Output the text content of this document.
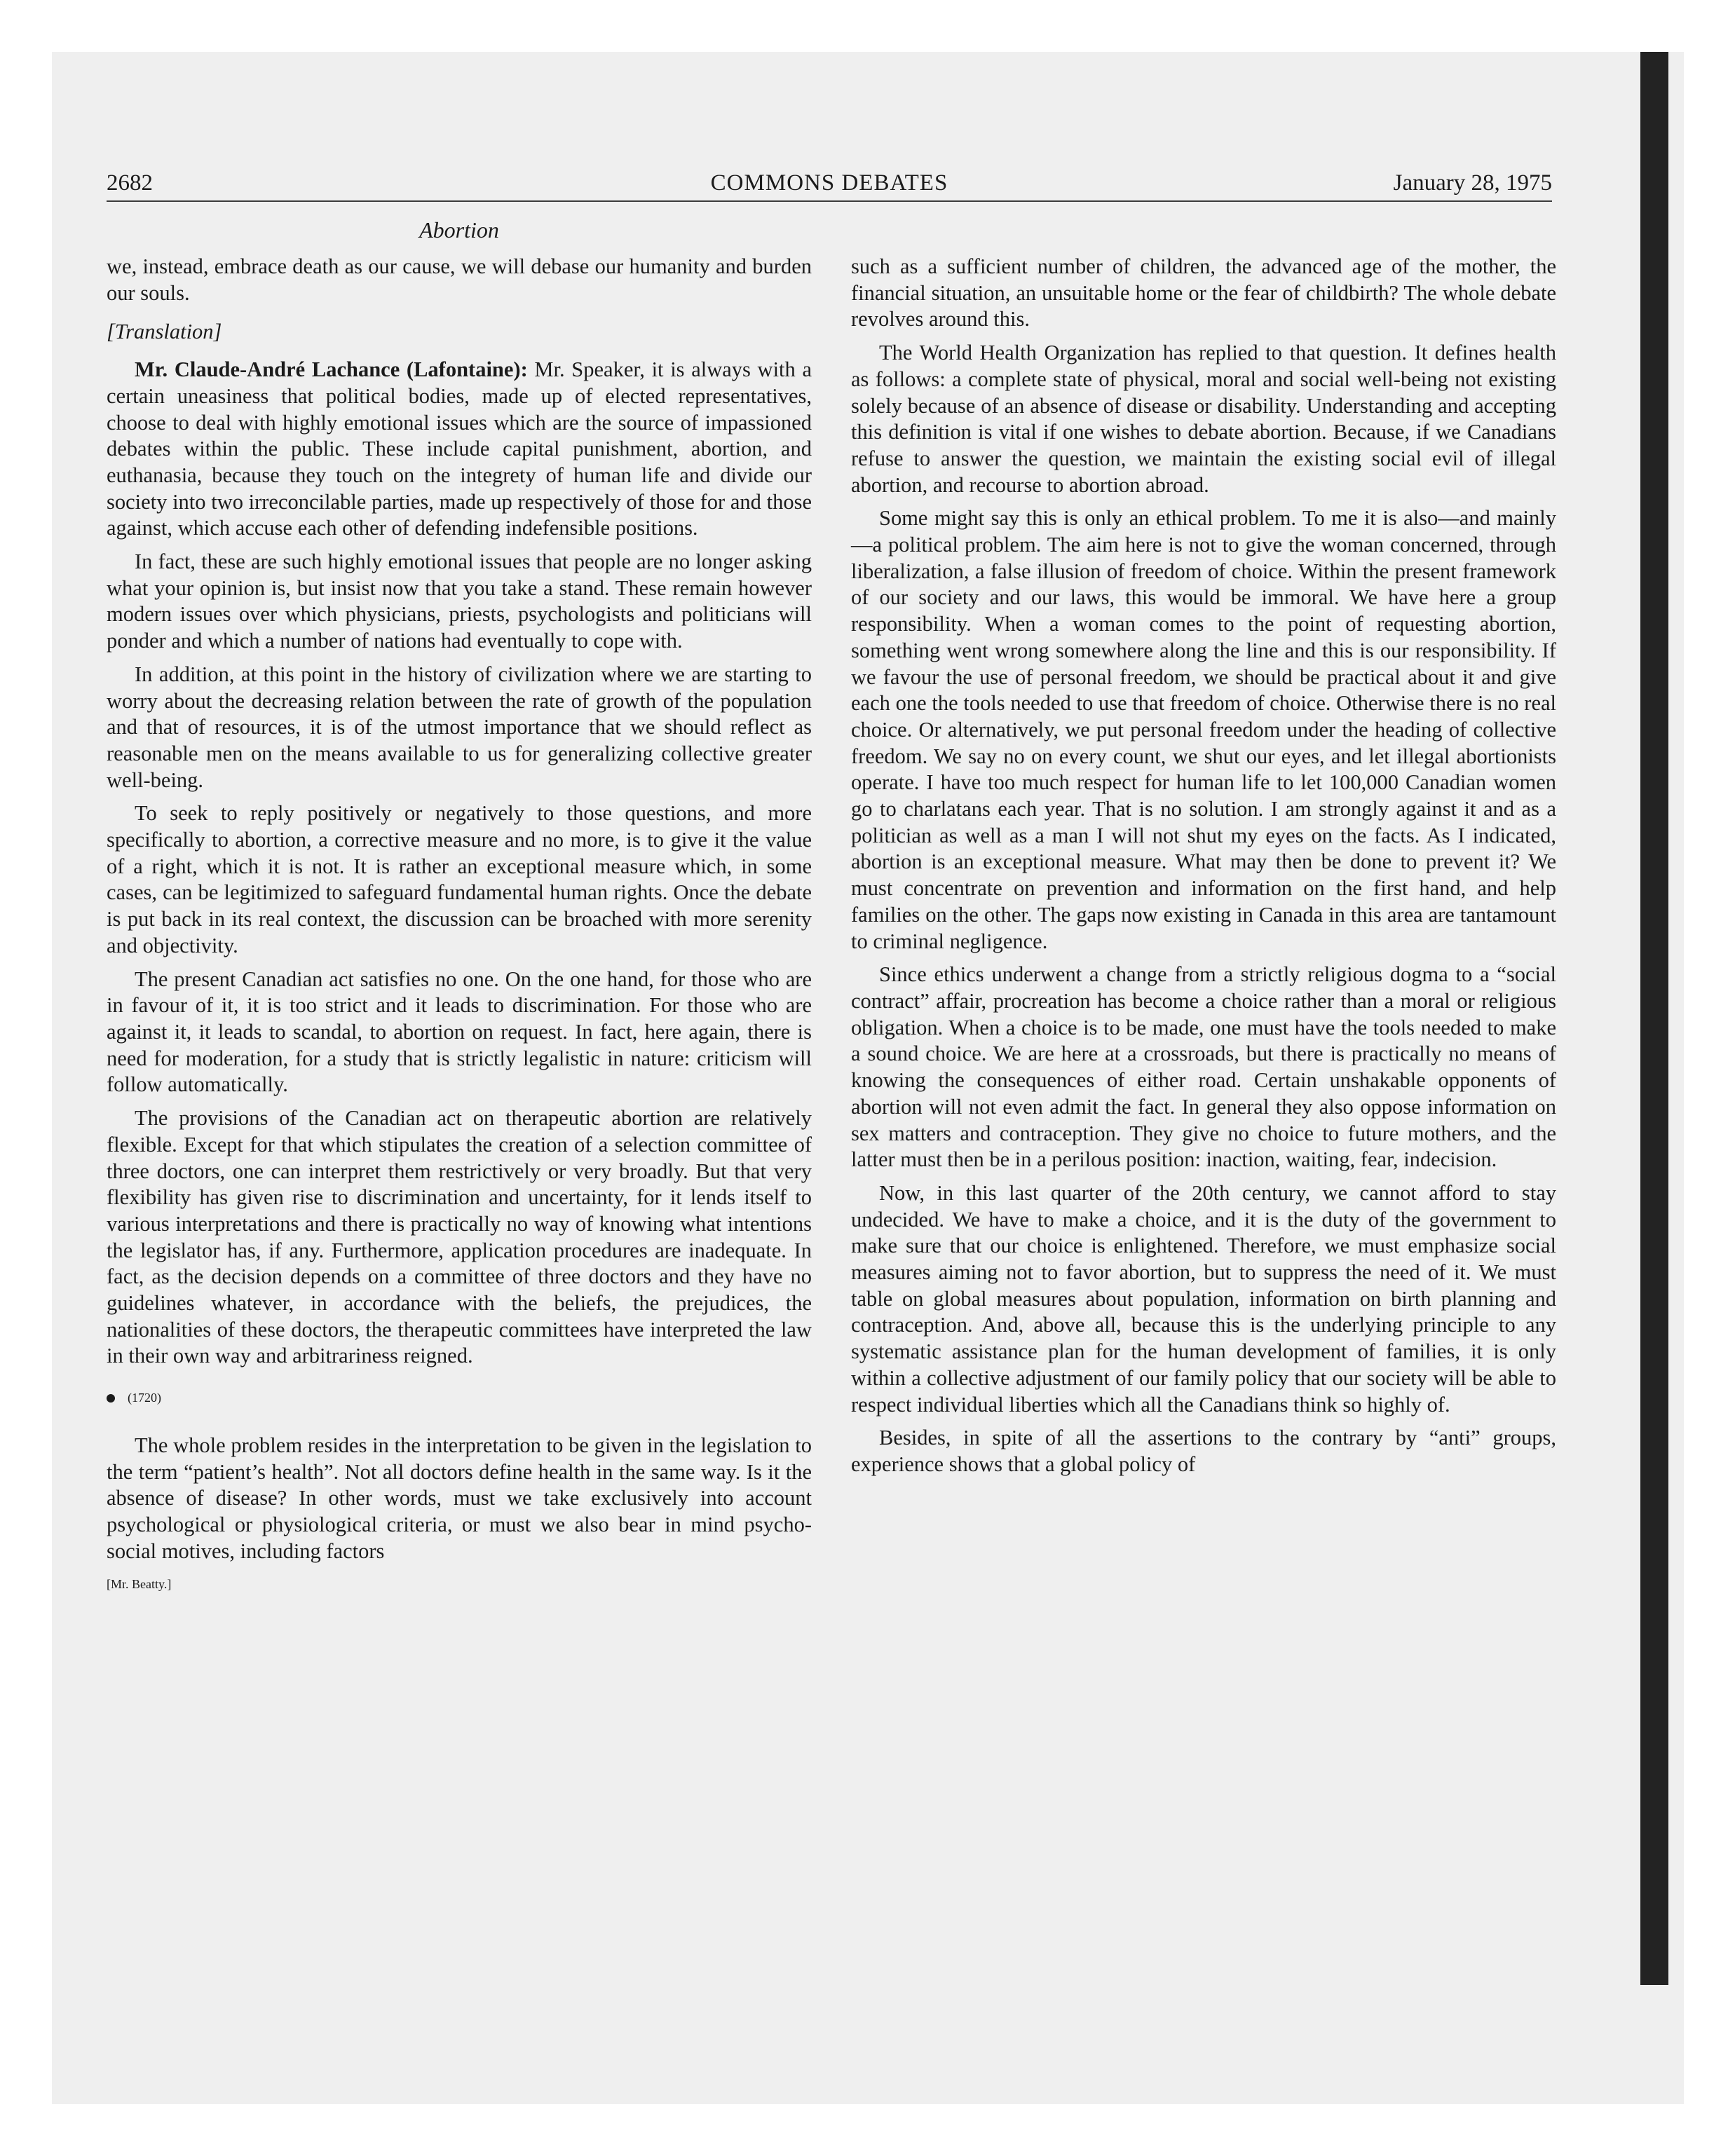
2682	COMMONS DEBATES	January 28, 1975
Abortion

we, instead, embrace death as our cause, we will debase our humanity and burden our souls.

[Translation]

Mr. Claude-André Lachance (Lafontaine): Mr. Speaker, it is always with a certain uneasiness that political bodies, made up of elected representatives, choose to deal with highly emotional issues which are the source of impassioned debates within the public. These include capital punishment, abortion, and euthanasia, because they touch on the integrety of human life and divide our society into two irreconcilable parties, made up respectively of those for and those against, which accuse each other of defending indefensible positions.

In fact, these are such highly emotional issues that people are no longer asking what your opinion is, but insist now that you take a stand. These remain however modern issues over which physicians, priests, psychologists and politicians will ponder and which a number of nations had eventually to cope with.

In addition, at this point in the history of civilization where we are starting to worry about the decreasing relation between the rate of growth of the population and that of resources, it is of the utmost importance that we should reflect as reasonable men on the means available to us for generalizing collective greater well-being.

To seek to reply positively or negatively to those questions, and more specifically to abortion, a corrective measure and no more, is to give it the value of a right, which it is not. It is rather an exceptional measure which, in some cases, can be legitimized to safeguard fundamental human rights. Once the debate is put back in its real context, the discussion can be broached with more serenity and objectivity.

The present Canadian act satisfies no one. On the one hand, for those who are in favour of it, it is too strict and it leads to discrimination. For those who are against it, it leads to scandal, to abortion on request. In fact, here again, there is need for moderation, for a study that is strictly legalistic in nature: criticism will follow automatically.

The provisions of the Canadian act on therapeutic abortion are relatively flexible. Except for that which stipulates the creation of a selection committee of three doctors, one can interpret them restrictively or very broadly. But that very flexibility has given rise to discrimination and uncertainty, for it lends itself to various interpretations and there is practically no way of knowing what intentions the legislator has, if any. Furthermore, application procedures are inadequate. In fact, as the decision depends on a committee of three doctors and they have no guidelines whatever, in accordance with the beliefs, the prejudices, the nationalities of these doctors, the therapeutic committees have interpreted the law in their own way and arbitrariness reigned.

(1720)

The whole problem resides in the interpretation to be given in the legislation to the term “patient’s health”. Not all doctors define health in the same way. Is it the absence of disease? In other words, must we take exclusively into account psychological or physiological criteria, or must we also bear in mind psycho-social motives, including factors

[Mr. Beatty.]

such as a sufficient number of children, the advanced age of the mother, the financial situation, an unsuitable home or the fear of childbirth? The whole debate revolves around this.

The World Health Organization has replied to that question. It defines health as follows: a complete state of physical, moral and social well-being not existing solely because of an absence of disease or disability. Understanding and accepting this definition is vital if one wishes to debate abortion. Because, if we Canadians refuse to answer the question, we maintain the existing social evil of illegal abortion, and recourse to abortion abroad.

Some might say this is only an ethical problem. To me it is also—and mainly—a political problem. The aim here is not to give the woman concerned, through liberalization, a false illusion of freedom of choice. Within the present framework of our society and our laws, this would be immoral. We have here a group responsibility. When a woman comes to the point of requesting abortion, something went wrong somewhere along the line and this is our responsibility. If we favour the use of personal freedom, we should be practical about it and give each one the tools needed to use that freedom of choice. Otherwise there is no real choice. Or alternatively, we put personal freedom under the heading of collective freedom. We say no on every count, we shut our eyes, and let illegal abortionists operate. I have too much respect for human life to let 100,000 Canadian women go to charlatans each year. That is no solution. I am strongly against it and as a politician as well as a man I will not shut my eyes on the facts. As I indicated, abortion is an exceptional measure. What may then be done to prevent it? We must concentrate on prevention and information on the first hand, and help families on the other. The gaps now existing in Canada in this area are tantamount to criminal negligence.

Since ethics underwent a change from a strictly religious dogma to a “social contract” affair, procreation has become a choice rather than a moral or religious obligation. When a choice is to be made, one must have the tools needed to make a sound choice. We are here at a crossroads, but there is practically no means of knowing the consequences of either road. Certain unshakable opponents of abortion will not even admit the fact. In general they also oppose information on sex matters and contraception. They give no choice to future mothers, and the latter must then be in a perilous position: inaction, waiting, fear, indecision.

Now, in this last quarter of the 20th century, we cannot afford to stay undecided. We have to make a choice, and it is the duty of the government to make sure that our choice is enlightened. Therefore, we must emphasize social measures aiming not to favor abortion, but to suppress the need of it. We must table on global measures about population, information on birth planning and contraception. And, above all, because this is the underlying principle to any systematic assistance plan for the human development of families, it is only within a collective adjustment of our family policy that our society will be able to respect individual liberties which all the Canadians think so highly of.

Besides, in spite of all the assertions to the contrary by “anti” groups, experience shows that a global policy of
